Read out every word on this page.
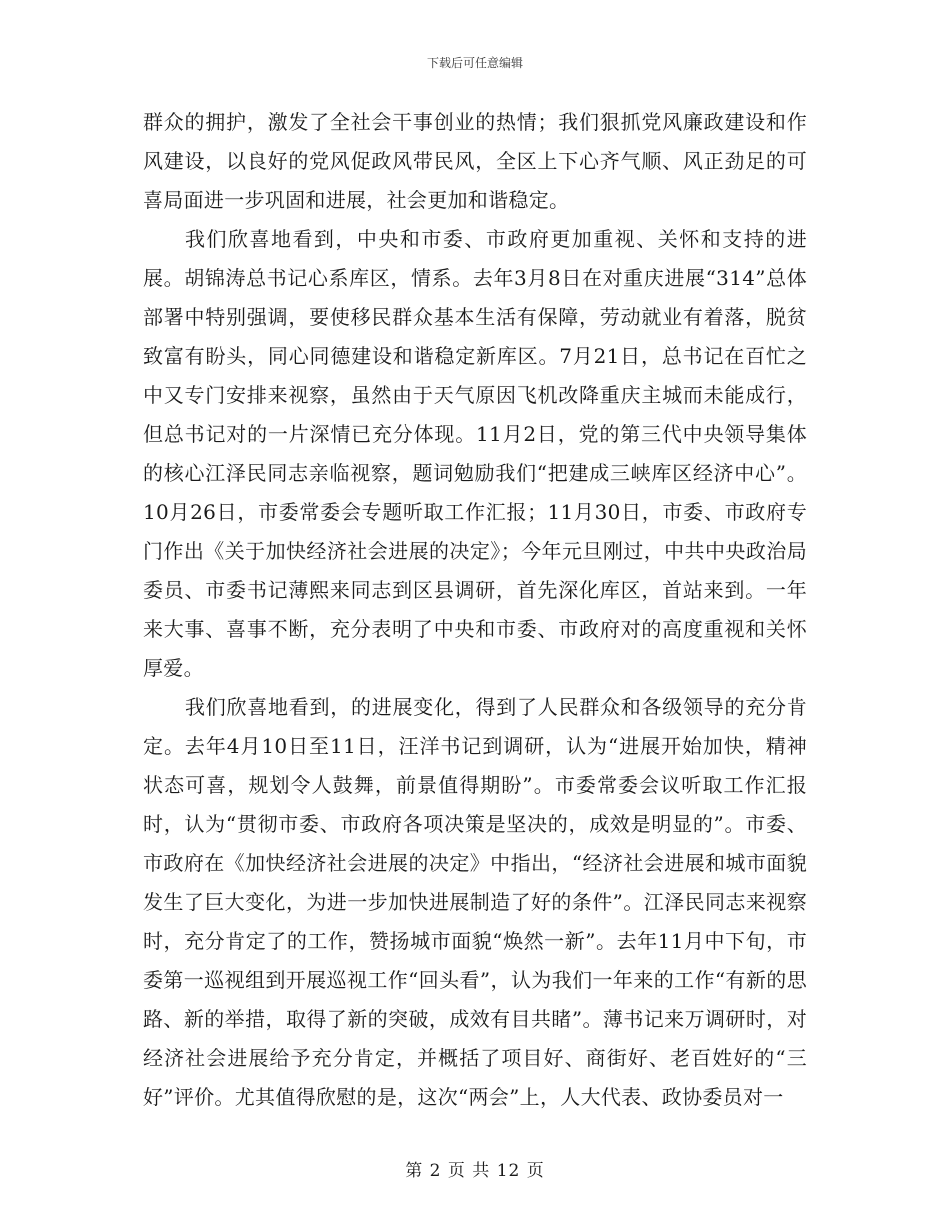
下载后可任意编辑

群众的拥护，激发了全社会干事创业的热情；我们狠抓党风廉政建设和作风建设，以良好的党风促政风带民风，全区上下心齐气顺、风正劲足的可喜局面进一步巩固和进展，社会更加和谐稳定。

我们欣喜地看到，中央和市委、市政府更加重视、关怀和支持的进展。胡锦涛总书记心系库区，情系。去年3月8日在对重庆进展“314”总体部署中特别强调，要使移民群众基本生活有保障，劳动就业有着落，脱贫致富有盼头，同心同德建设和谐稳定新库区。7月21日，总书记在百忙之中又专门安排来视察，虽然由于天气原因飞机改降重庆主城而未能成行，但总书记对的一片深情已充分体现。11月2日，党的第三代中央领导集体的核心江泽民同志亲临视察，题词勉励我们“把建成三峡库区经济中心”。10月26日，市委常委会专题听取工作汇报；11月30日，市委、市政府专门作出《关于加快经济社会进展的决定》；今年元旦刚过，中共中央政治局委员、市委书记薄熙来同志到区县调研，首先深化库区，首站来到。一年来大事、喜事不断，充分表明了中央和市委、市政府对的高度重视和关怀厚爱。

我们欣喜地看到，的进展变化，得到了人民群众和各级领导的充分肯定。去年4月10日至11日，汪洋书记到调研，认为“进展开始加快，精神状态可喜，规划令人鼓舞，前景值得期盼”。市委常委会议听取工作汇报时，认为“贯彻市委、市政府各项决策是坚决的，成效是明显的”。市委、市政府在《加快经济社会进展的决定》中指出，“经济社会进展和城市面貌发生了巨大变化，为进一步加快进展制造了好的条件”。江泽民同志来视察时，充分肯定了的工作，赞扬城市面貌“焕然一新”。去年11月中下旬，市委第一巡视组到开展巡视工作“回头看”，认为我们一年来的工作“有新的思路、新的举措，取得了新的突破，成效有目共睹”。薄书记来万调研时，对经济社会进展给予充分肯定，并概括了项目好、商街好、老百姓好的“三好”评价。尤其值得欣慰的是，这次“两会”上，人大代表、政协委员对一

第 2 页 共 12 页
